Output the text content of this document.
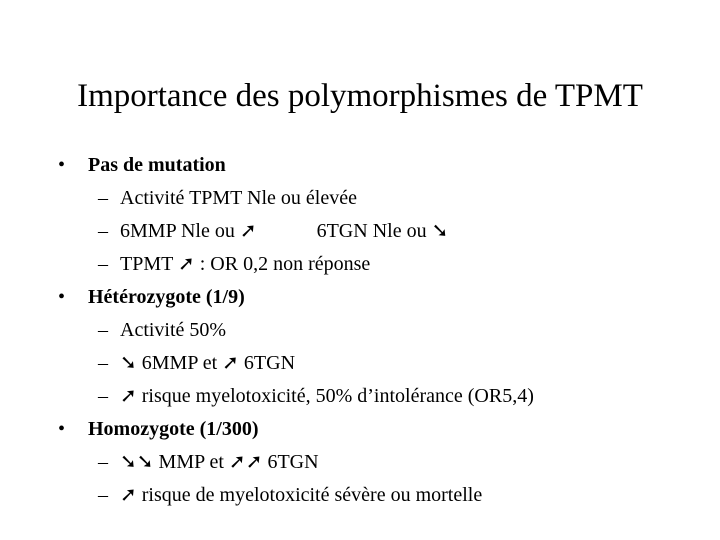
Importance des polymorphismes de TPMT
• Pas de mutation
– Activité TPMT Nle ou élevée
– 6MMP Nle ou ➚	6TGN Nle ou ➘
– TPMT ➚ : OR 0,2 non réponse
• Hétérozygote (1/9)
– Activité 50%
– ➘ 6MMP et ➚ 6TGN
– ➚ risque myelotoxicité, 50% d’intolérance (OR5,4)
• Homozygote (1/300)
– ➘➘ MMP et ➚➚ 6TGN
– ➚ risque de myelotoxicité sévère ou mortelle
